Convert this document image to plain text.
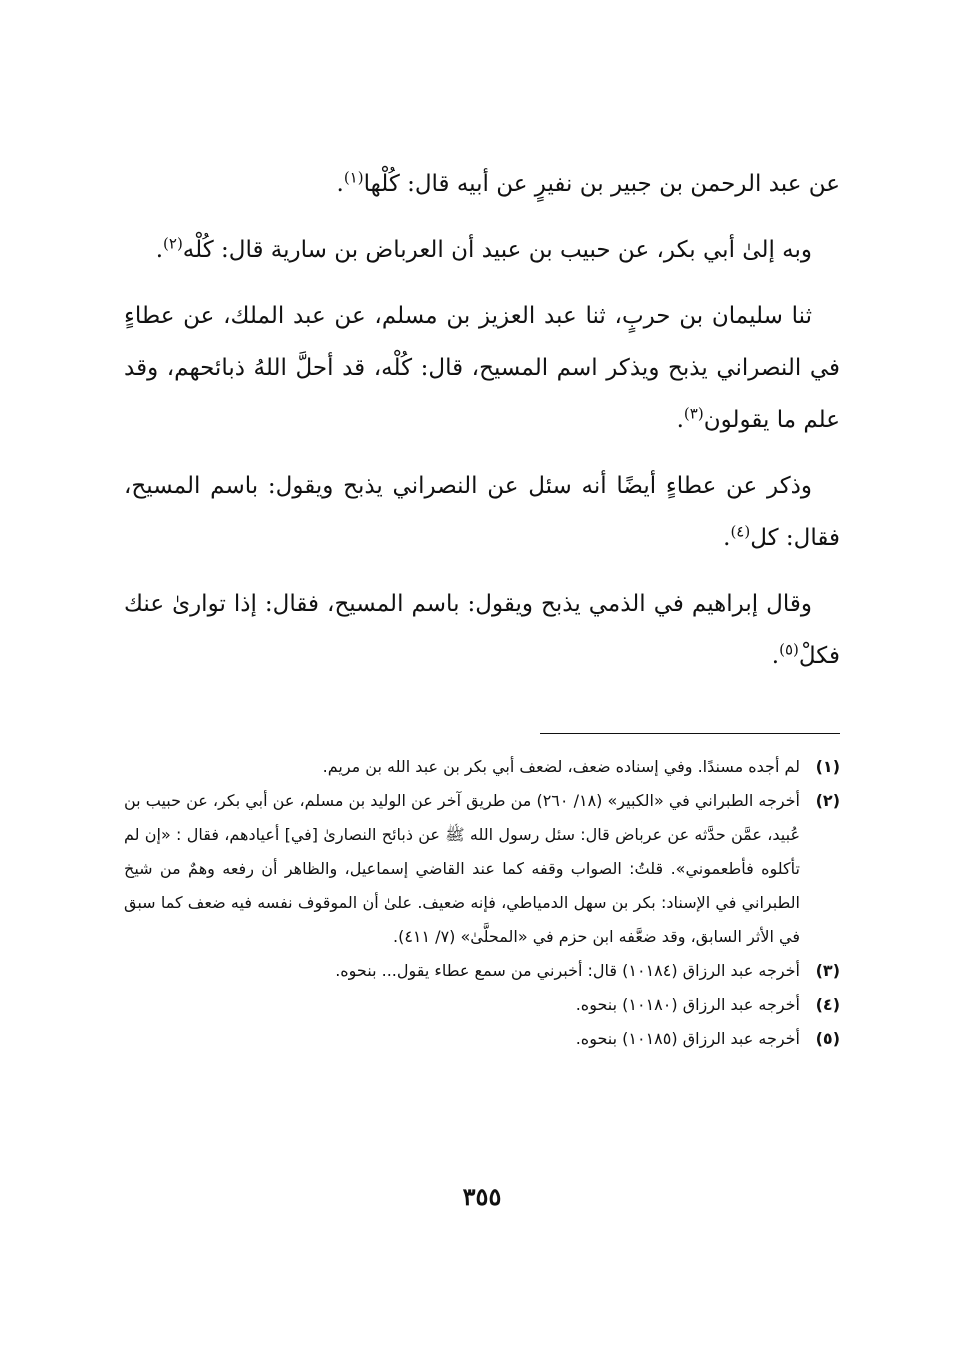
عن عبد الرحمن بن جبير بن نفيرٍ عن أبيه قال: كُلْها$^{(١)}$.

وبه إلىٰ أبي بكر، عن حبيب بن عبيد أن العرباض بن سارية قال: كُلْه$^{(٢)}$.

ثنا سليمان بن حربٍ، ثنا عبد العزيز بن مسلم، عن عبد الملك، عن عطاءٍ في النصراني يذبح ويذكر اسم المسيح، قال: كُلْه، قد أحلَّ اللهُ ذبائحهم، وقد علم ما يقولون$^{(٣)}$.

وذكر عن عطاءٍ أيضًا أنه سئل عن النصراني يذبح ويقول: باسم المسيح، فقال: كل$^{(٤)}$.

وقال إبراهيم في الذمي يذبح ويقول: باسم المسيح، فقال: إذا توارىٰ عنك فكلْ$^{(٥)}$.

(١)
لم أجده مسندًا. وفي إسناده ضعف، لضعف أبي بكر بن عبد الله بن مريم.
(٢)
أخرجه الطبراني في «الكبير» (١٨/ ٢٦٠) من طريق آخر عن الوليد بن مسلم، عن أبي بكر، عن حبيب بن عُبيد، عمَّن حدَّثه عن عرباض قال: سئل رسول الله ﷺ عن ذبائح النصارىٰ [في] أعيادهم، فقال : «إن لم تأكلوه فأطعموني». قلتُ: الصواب وقفه كما عند القاضي إسماعيل، والظاهر أن رفعه وهمٌ من شيخ الطبراني في الإسناد: بكر بن سهل الدمياطي، فإنه ضعيف. علىٰ أن الموقوف نفسه فيه ضعف كما سبق في الأثر السابق، وقد ضعَّفه ابن حزم في «المحلَّىٰ» (٧/ ٤١١).
(٣)
أخرجه عبد الرزاق (١٠١٨٤) قال: أخبرني من سمع عطاء يقول... بنحوه.
(٤)
أخرجه عبد الرزاق (١٠١٨٠) بنحوه.
(٥)
أخرجه عبد الرزاق (١٠١٨٥) بنحوه.
٣٥٥
